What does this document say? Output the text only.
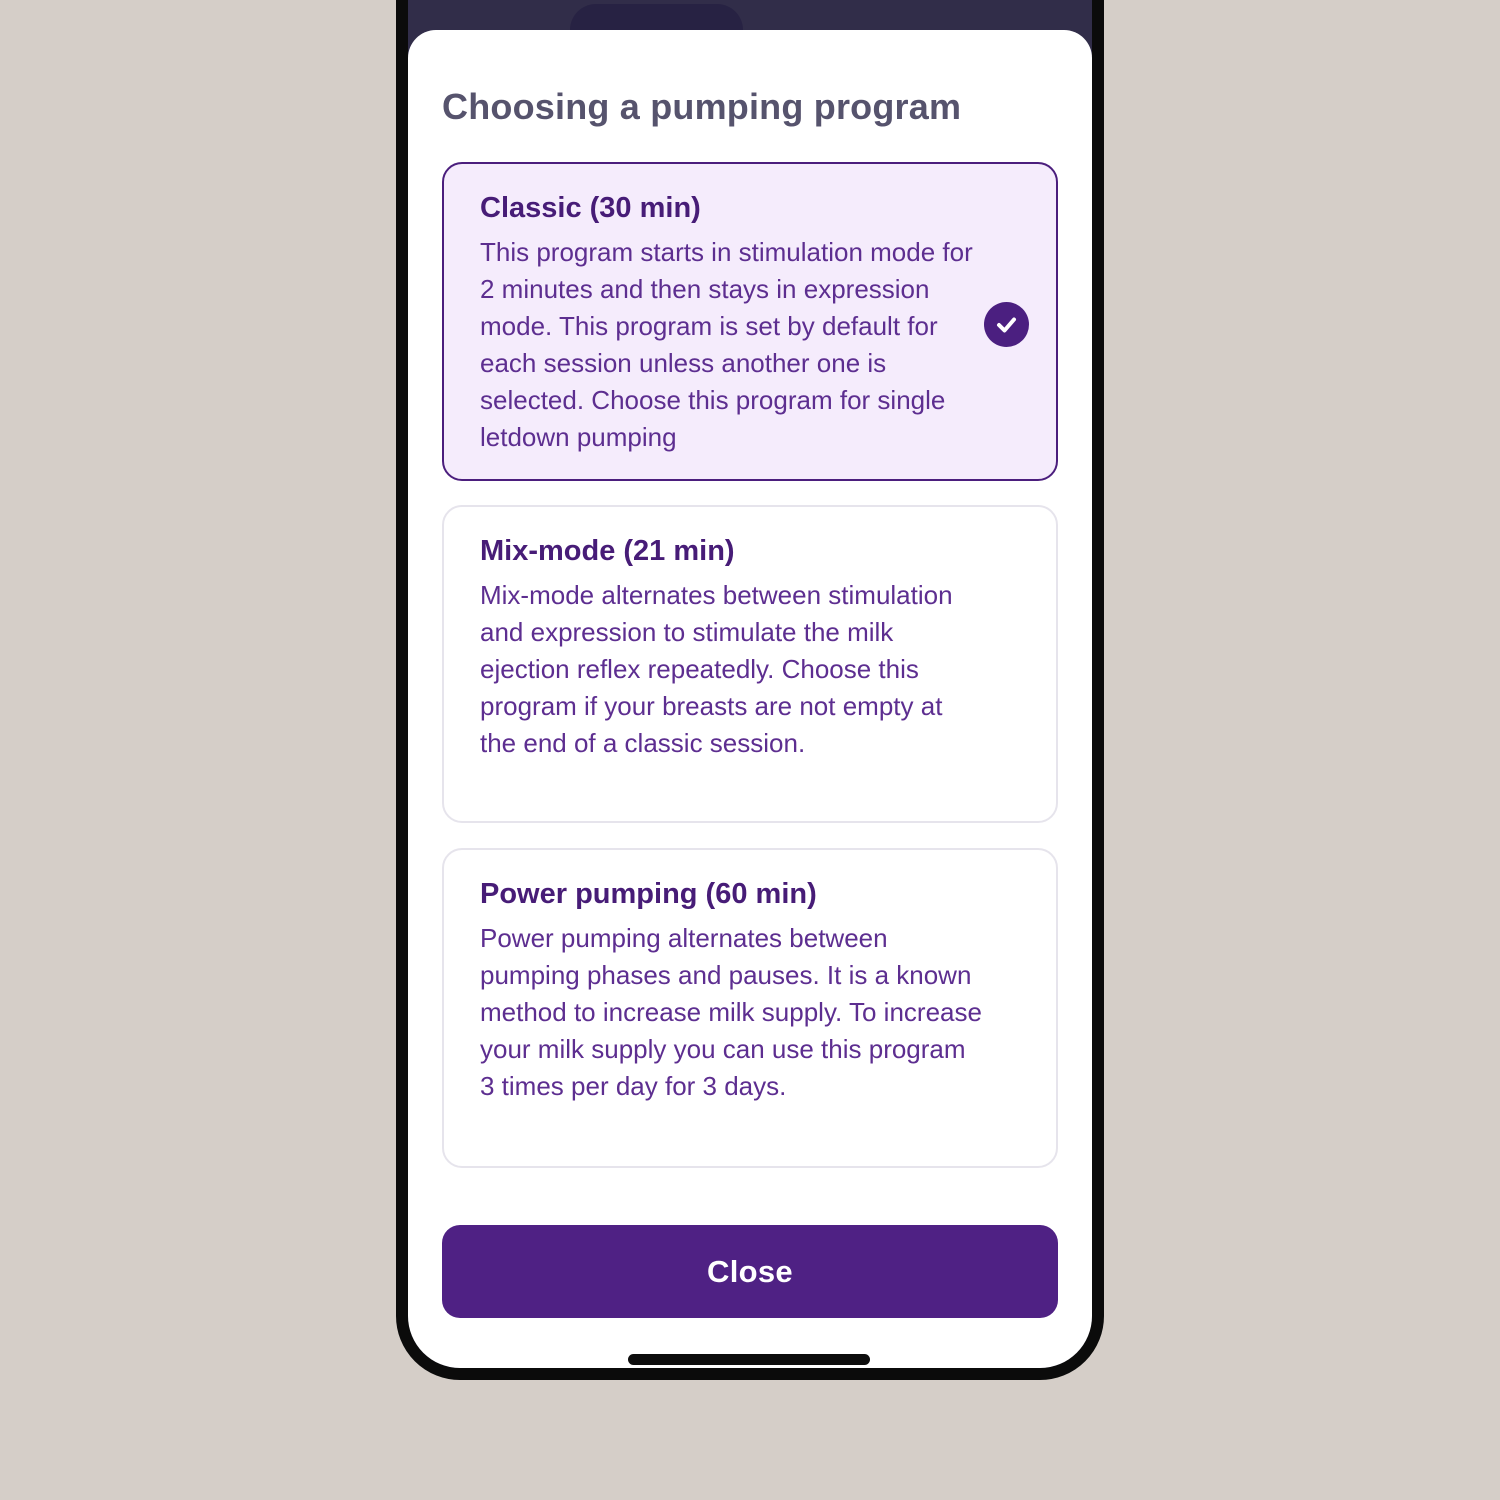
Choosing a pumping program
Classic (30 min)
This program starts in stimulation mode for 2 minutes and then stays in expression mode. This program is set by default for each session unless another one is selected. Choose this program for single letdown pumping
Mix-mode (21 min)
Mix-mode alternates between stimulation and expression to stimulate the milk ejection reflex repeatedly. Choose this program if your breasts are not empty at the end of a classic session.
Power pumping (60 min)
Power pumping alternates between pumping phases and pauses. It is a known method to increase milk supply. To increase your milk supply you can use this program 3 times per day for 3 days.
Close
